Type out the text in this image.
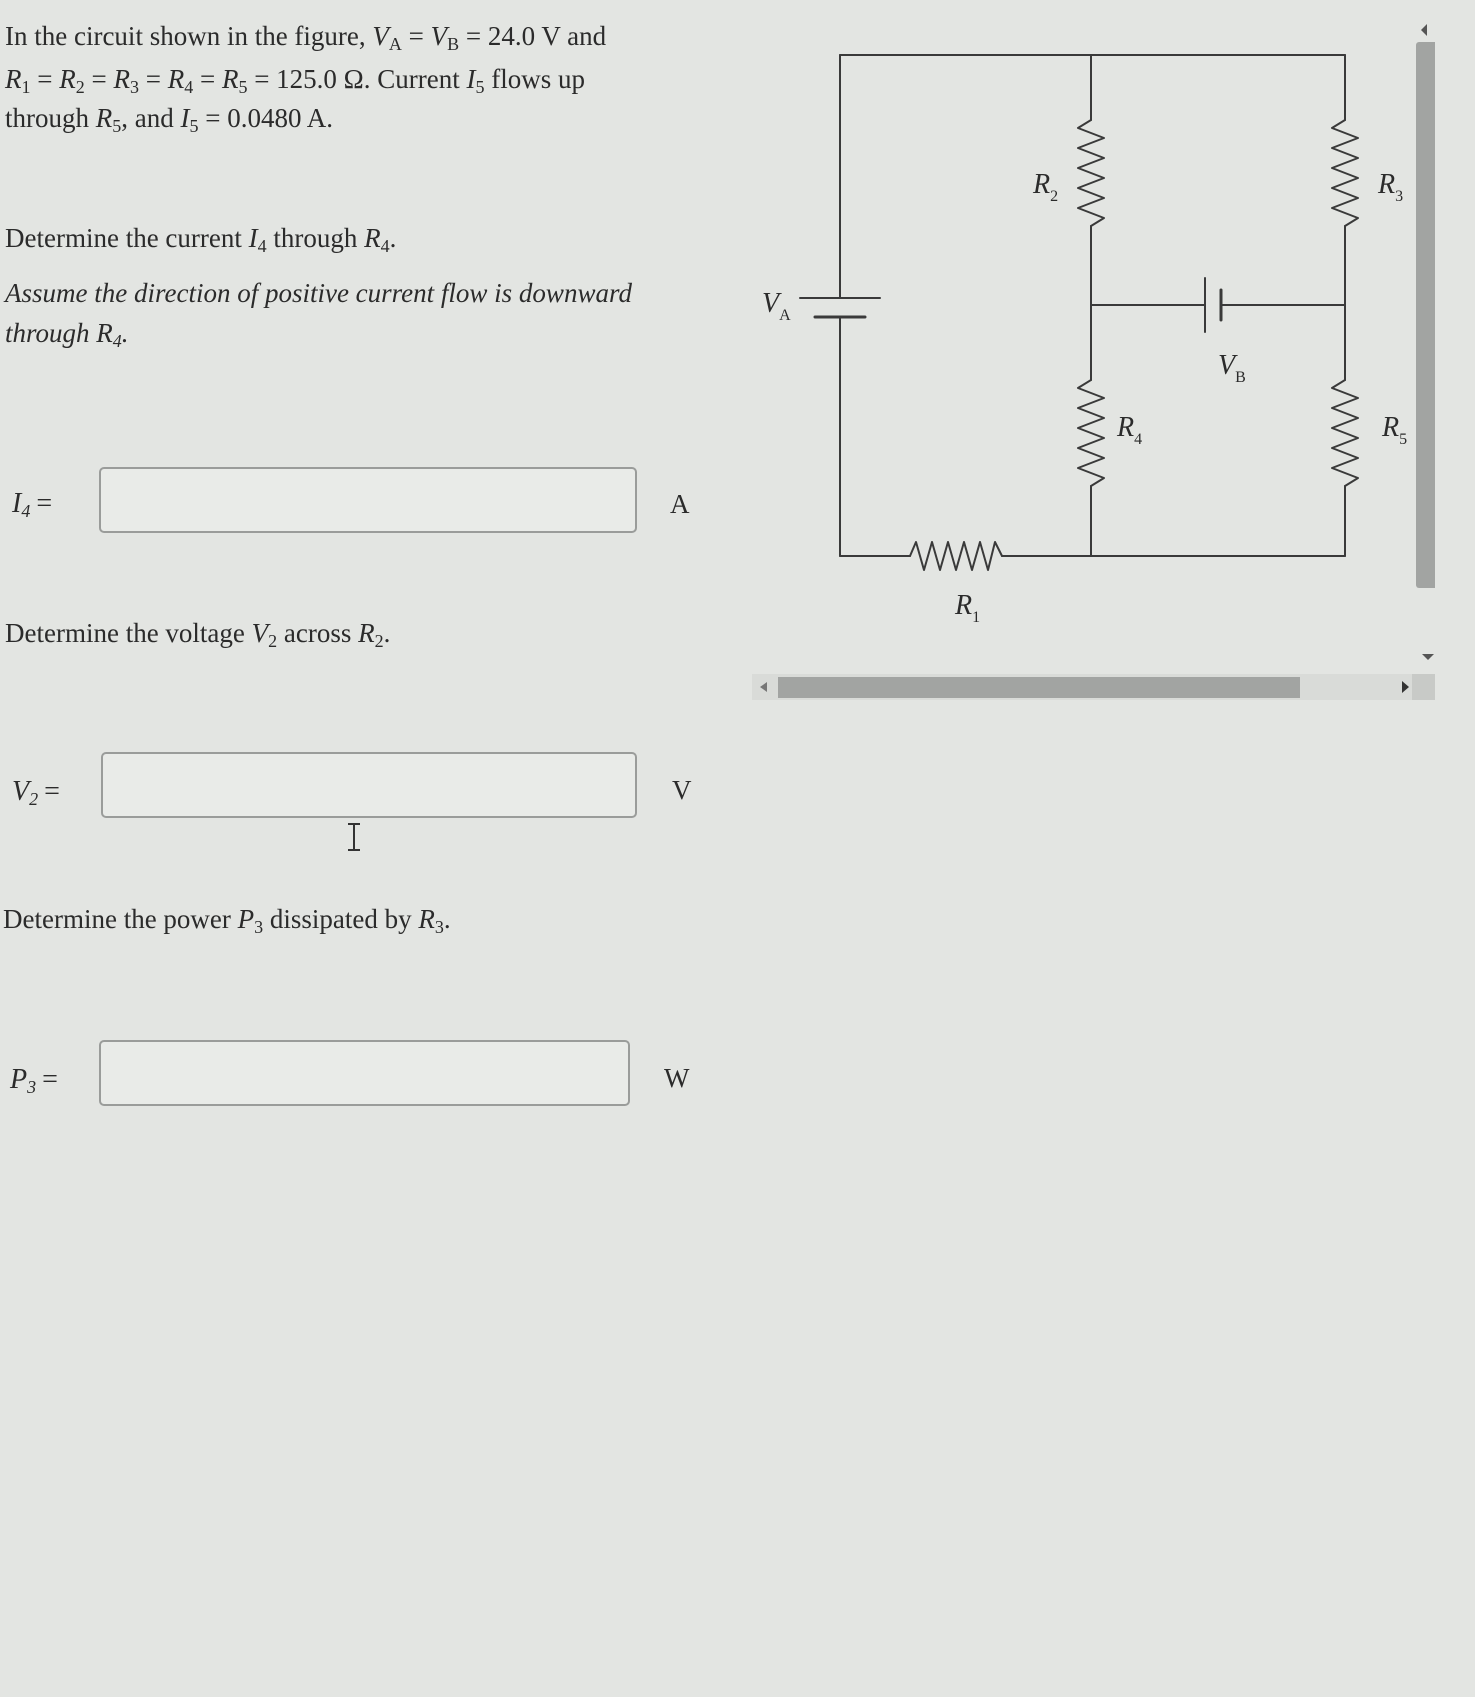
In the circuit shown in the figure, $V_A = V_B = 24.0$ V and
$R_1 = R_2 = R_3 = R_4 = R_5 = 125.0$ Ω. Current $I_5$ flows up
through $R_5$, and $I_5 = 0.0480$ A.
Determine the current $I_4$ through $R_4$.
Assume the direction of positive current flow is downward
through $R_4$.
$I_4$ =	A
Determine the voltage $V_2$ across $R_2$.
$V_2$ =	V
Determine the power $P_3$ dissipated by $R_3$.
$P_3$ =	W
$V_A$
$V_B$
$R_1$
$R_2$	$R_3$
$R_4$	$R_5$
